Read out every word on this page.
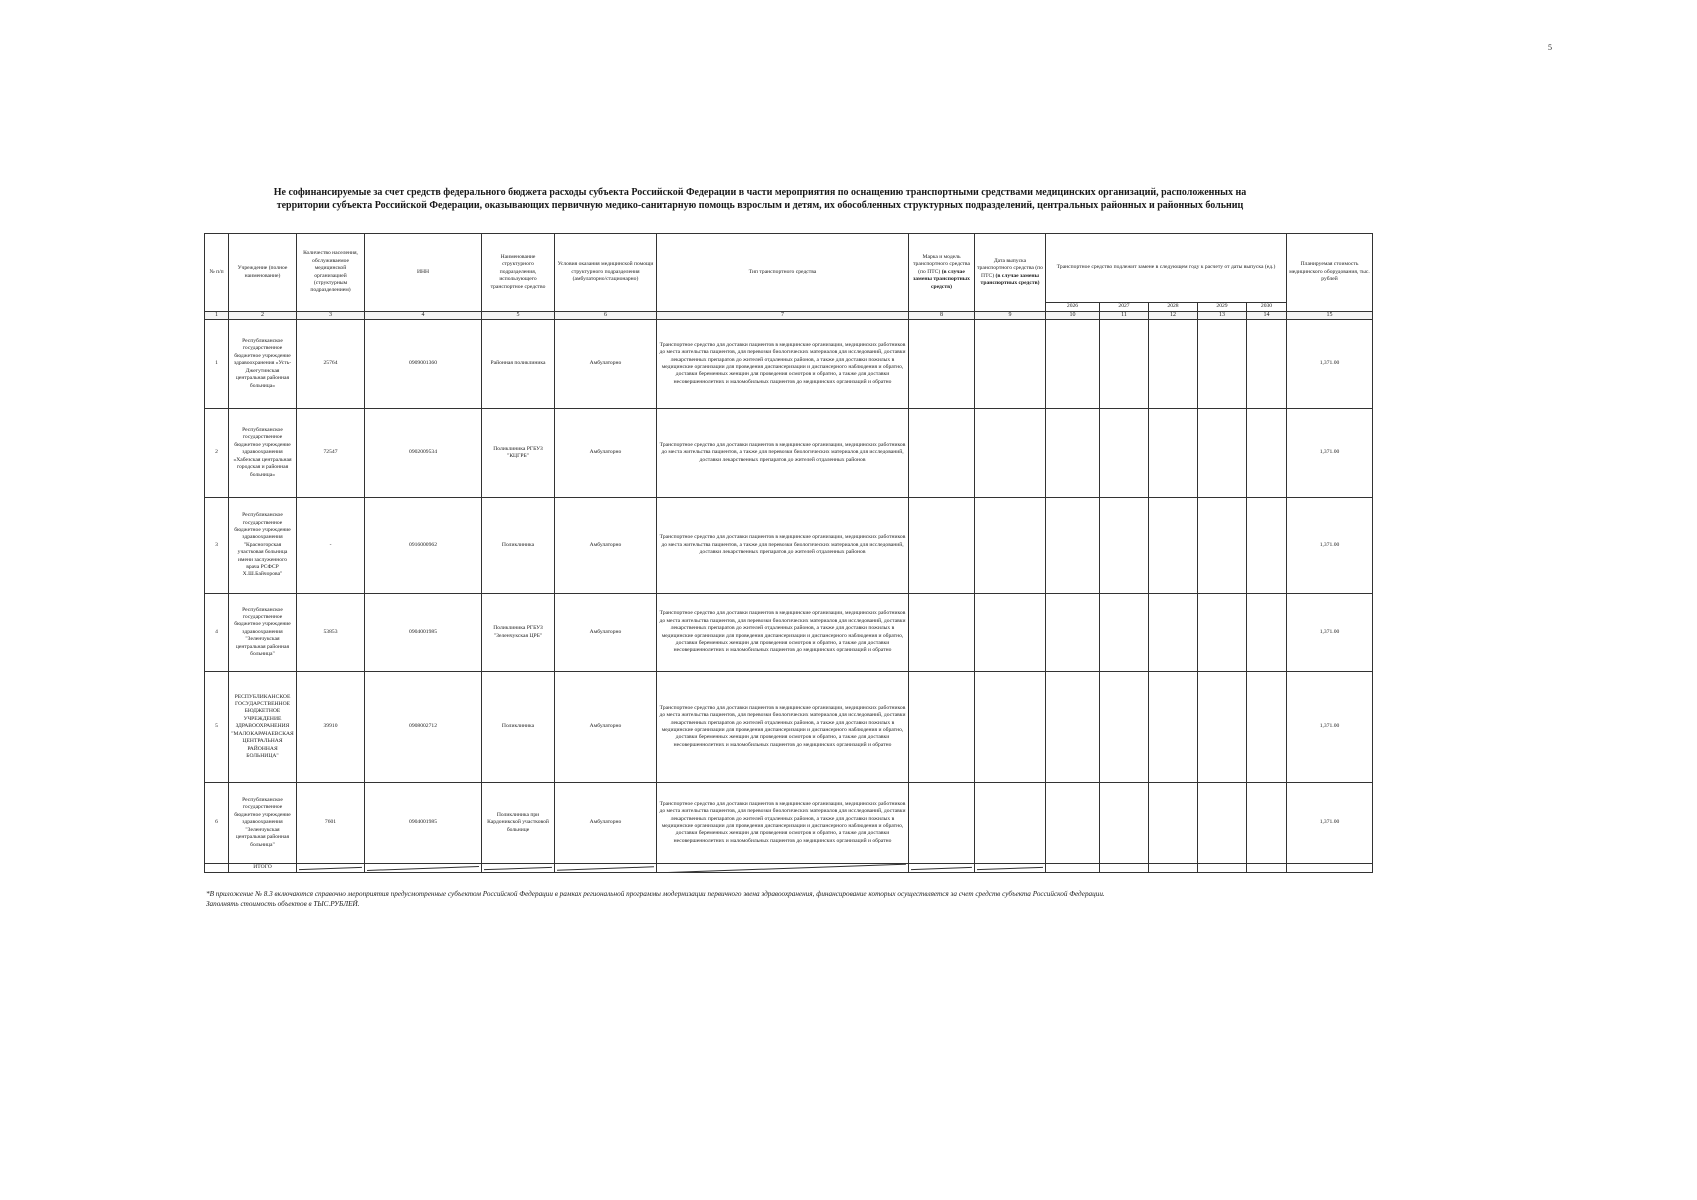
5
Не софинансируемые за счет средств федерального бюджета расходы субъекта Российской Федерации в части мероприятия по оснащению транспортными средствами медицинских организаций, расположенных на
территории субъекта Российской Федерации, оказывающих первичную медико-санитарную помощь взрослым и детям, их обособленных структурных подразделений, центральных районных и районных больниц
№ п/п	Учреждение (полное наименование)	Количество населения, обслуживаемое медицинской организацией (структурным подразделением)	ИНН	Наименование структурного подразделения, использующего транспортное средство	Условия оказания медицинской помощи структурного подразделения (амбулаторно/стационарно)	Тип транспортного средства	Марка и модель транспортного средства (по ПТС) (в случае замены транспортных средств)	Дата выпуска транспортного средства (по ПТС) (в случае замены транспортных средств)	Транспортное средство подлежит замене в следующем году к расчету от даты выпуска (ед.)					Планируемая стоимость медицинского оборудования, тыс. рублей
									2026	2027	2028	2029	2030	
1	2	3	4	5	6	7	8	9	10	11	12	13	14	15
1	Республиканское государственное бюджетное учреждение здравоохранения «Усть-Джегутинская центральная районная больница»	25764	0909001360	Районная поликлиника	Амбулаторно	Транспортное средство для доставки пациентов в медицинские организации, медицинских работников до места жительства пациентов, для перевозки биологических материалов для исследований, доставки лекарственных препаратов до жителей отдаленных районов, а также для доставки пожилых в медицинские организации для проведения диспансеризации и диспансерного наблюдения и обратно, доставки беременных женщин для проведения осмотров и обратно, а также для доставки несовершеннолетних и маломобильных пациентов до медицинских организаций и обратно								1,371.00
2	Республиканское государственное бюджетное учреждение здравоохранения «Хабезская центральная городская и районная больница»	72547	0902009534	Поликлиника РГБУЗ "КЦГРБ"	Амбулаторно	Транспортное средство для доставки пациентов в медицинские организации, медицинских работников до места жительства пациентов, а также для перевозки биологических материалов для исследований, доставки лекарственных препаратов до жителей отдаленных районов								1,371.00
3	Республиканское государственное бюджетное учреждение здравоохранения "Красногорская участковая больница имени заслуженного врача РСФСР Х.Ш.Байчорова"	-	0916000962	Поликлиника	Амбулаторно	Транспортное средство для доставки пациентов в медицинские организации, медицинских работников до места жительства пациентов, а также для перевозки биологических материалов для исследований, доставки лекарственных препаратов до жителей отдаленных районов								1,371.00
4	Республиканское государственное бюджетное учреждение здравоохранения "Зеленчукская центральная районная больница"	53853	0904001985	Поликлиника РГБУЗ "Зеленчукская ЦРБ"	Амбулаторно	Транспортное средство для доставки пациентов в медицинские организации, медицинских работников до места жительства пациентов, для перевозки биологических материалов для исследований, доставки лекарственных препаратов до жителей отдаленных районов, а также для доставки пожилых в медицинские организации для проведения диспансеризации и диспансерного наблюдения и обратно, доставки беременных женщин для проведения осмотров и обратно, а также для доставки несовершеннолетних и маломобильных пациентов до медицинских организаций и обратно								1,371.00
5	РЕСПУБЛИКАНСКОЕ ГОСУДАРСТВЕННОЕ БЮДЖЕТНОЕ УЧРЕЖДЕНИЕ ЗДРАВООХРАНЕНИЯ "МАЛОКАРАЧАЕВСКАЯ ЦЕНТРАЛЬНАЯ РАЙОННАЯ БОЛЬНИЦА"	39910	0908002712	Поликлиника	Амбулаторно	Транспортное средство для доставки пациентов в медицинские организации, медицинских работников до места жительства пациентов, для перевозки биологических материалов для исследований, доставки лекарственных препаратов до жителей отдаленных районов, а также для доставки пожилых в медицинские организации для проведения диспансеризации и диспансерного наблюдения и обратно, доставки беременных женщин для проведения осмотров и обратно, а также для доставки несовершеннолетних и маломобильных пациентов до медицинских организаций и обратно								1,371.00
6	Республиканское государственное бюджетное учреждение здравоохранения "Зеленчукская центральная районная больница"	7601	0904001985	Поликлиника при Кардоникской участковой больнице	Амбулаторно	Транспортное средство для доставки пациентов в медицинские организации, медицинских работников до места жительства пациентов, для перевозки биологических материалов для исследований, доставки лекарственных препаратов до жителей отдаленных районов, а также для доставки пожилых в медицинские организации для проведения диспансеризации и диспансерного наблюдения и обратно, доставки беременных женщин для проведения осмотров и обратно, а также для доставки несовершеннолетних и маломобильных пациентов до медицинских организаций и обратно								1,371.00
	ИТОГО	

*В приложение № 8.3 включаются справочно мероприятия предусмотренные субъектом Российской Федерации в рамках региональной программы модернизации первичного звена здравоохранения, финансирование которых осуществляется за счет средств субъекта Российской Федерации.
Заполнять стоимость объектов в ТЫС.РУБЛЕЙ.
